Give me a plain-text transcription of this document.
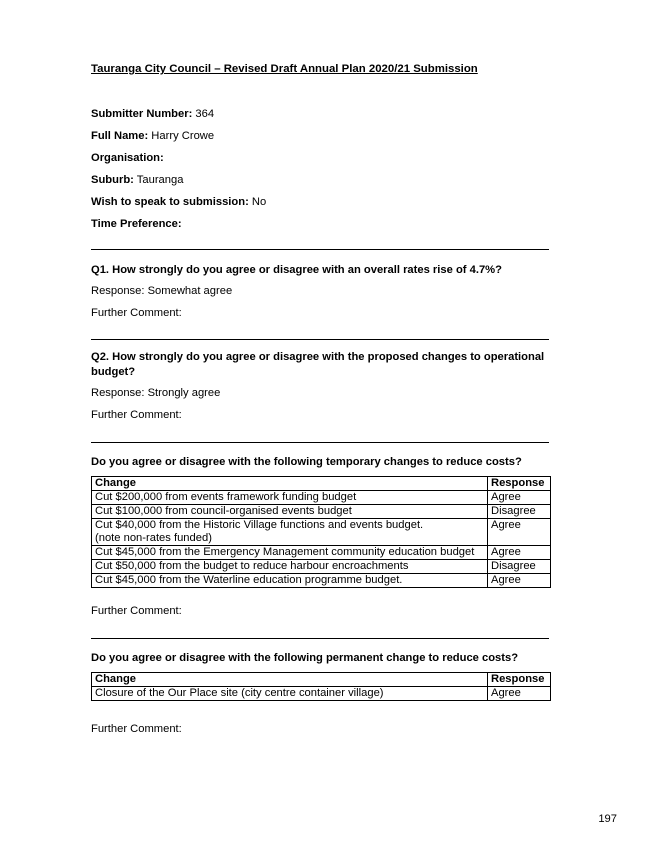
Tauranga City Council – Revised Draft Annual Plan 2020/21 Submission
Submitter Number: 364
Full Name: Harry Crowe
Organisation:
Suburb: Tauranga
Wish to speak to submission: No
Time Preference:
Q1. How strongly do you agree or disagree with an overall rates rise of 4.7%?
Response: Somewhat agree
Further Comment:
Q2. How strongly do you agree or disagree with the proposed changes to operational budget?
Response: Strongly agree
Further Comment:
Do you agree or disagree with the following temporary changes to reduce costs?
Change	Response
Cut $200,000 from events framework funding budget	Agree
Cut $100,000 from council-organised events budget	Disagree

Cut $40,000 from the Historic Village functions and events budget.
(note non-rates funded)	Agree
Cut $45,000 from the Emergency Management community education budget	Agree
Cut $50,000 from the budget to reduce harbour encroachments	Disagree
Cut $45,000 from the Waterline education programme budget.	Agree
Further Comment:
Do you agree or disagree with the following permanent change to reduce costs?
Change	Response
Closure of the Our Place site (city centre container village)	Agree
Further Comment:
197
